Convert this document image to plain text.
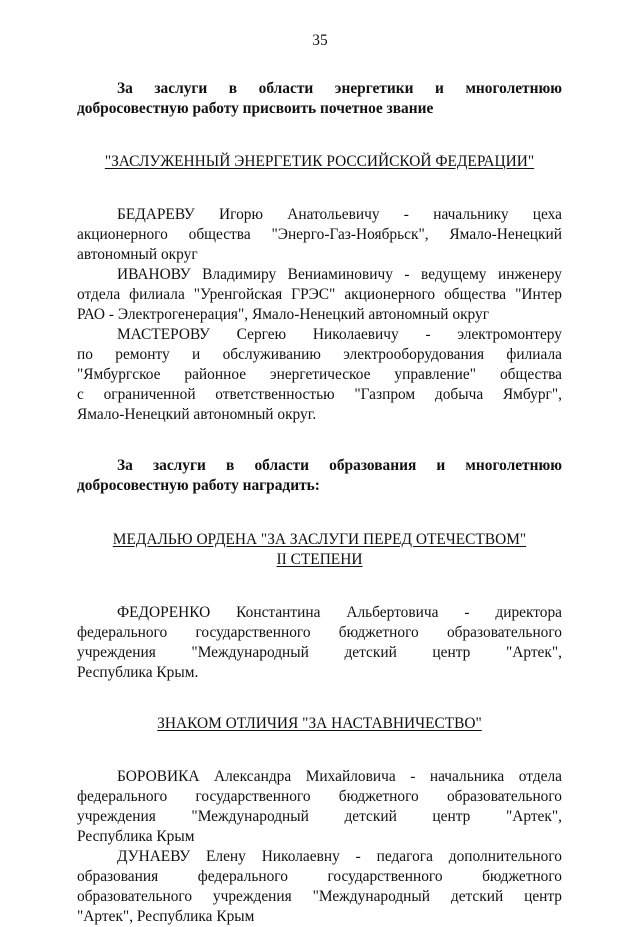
35
За заслуги в области энергетики и многолетнюю
добросовестную работу присвоить почетное звание
"ЗАСЛУЖЕННЫЙ ЭНЕРГЕТИК РОССИЙСКОЙ ФЕДЕРАЦИИ"
БЕДАРЕВУ Игорю Анатольевичу - начальнику цеха
акционерного общества "Энерго-Газ-Ноябрьск", Ямало-Ненецкий
автономный округ
ИВАНОВУ Владимиру Вениаминовичу - ведущему инженеру
отдела филиала "Уренгойская ГРЭС" акционерного общества "Интер
РАО - Электрогенерация", Ямало-Ненецкий автономный округ
МАСТЕРОВУ Сергею Николаевичу - электромонтеру
по ремонту и обслуживанию электрооборудования филиала
"Ямбургское районное энергетическое управление" общества
с ограниченной ответственностью "Газпром добыча Ямбург",
Ямало-Ненецкий автономный округ.
За заслуги в области образования и многолетнюю
добросовестную работу наградить:
МЕДАЛЬЮ ОРДЕНА "ЗА ЗАСЛУГИ ПЕРЕД ОТЕЧЕСТВОМ"
II СТЕПЕНИ
ФЕДОРЕНКО Константина Альбертовича - директора
федерального государственного бюджетного образовательного
учреждения "Международный детский центр "Артек",
Республика Крым.
ЗНАКОМ ОТЛИЧИЯ "ЗА НАСТАВНИЧЕСТВО"
БОРОВИКА Александра Михайловича - начальника отдела
федерального государственного бюджетного образовательного
учреждения "Международный детский центр "Артек",
Республика Крым
ДУНАЕВУ Елену Николаевну - педагога дополнительного
образования федерального государственного бюджетного
образовательного учреждения "Международный детский центр
"Артек", Республика Крым
